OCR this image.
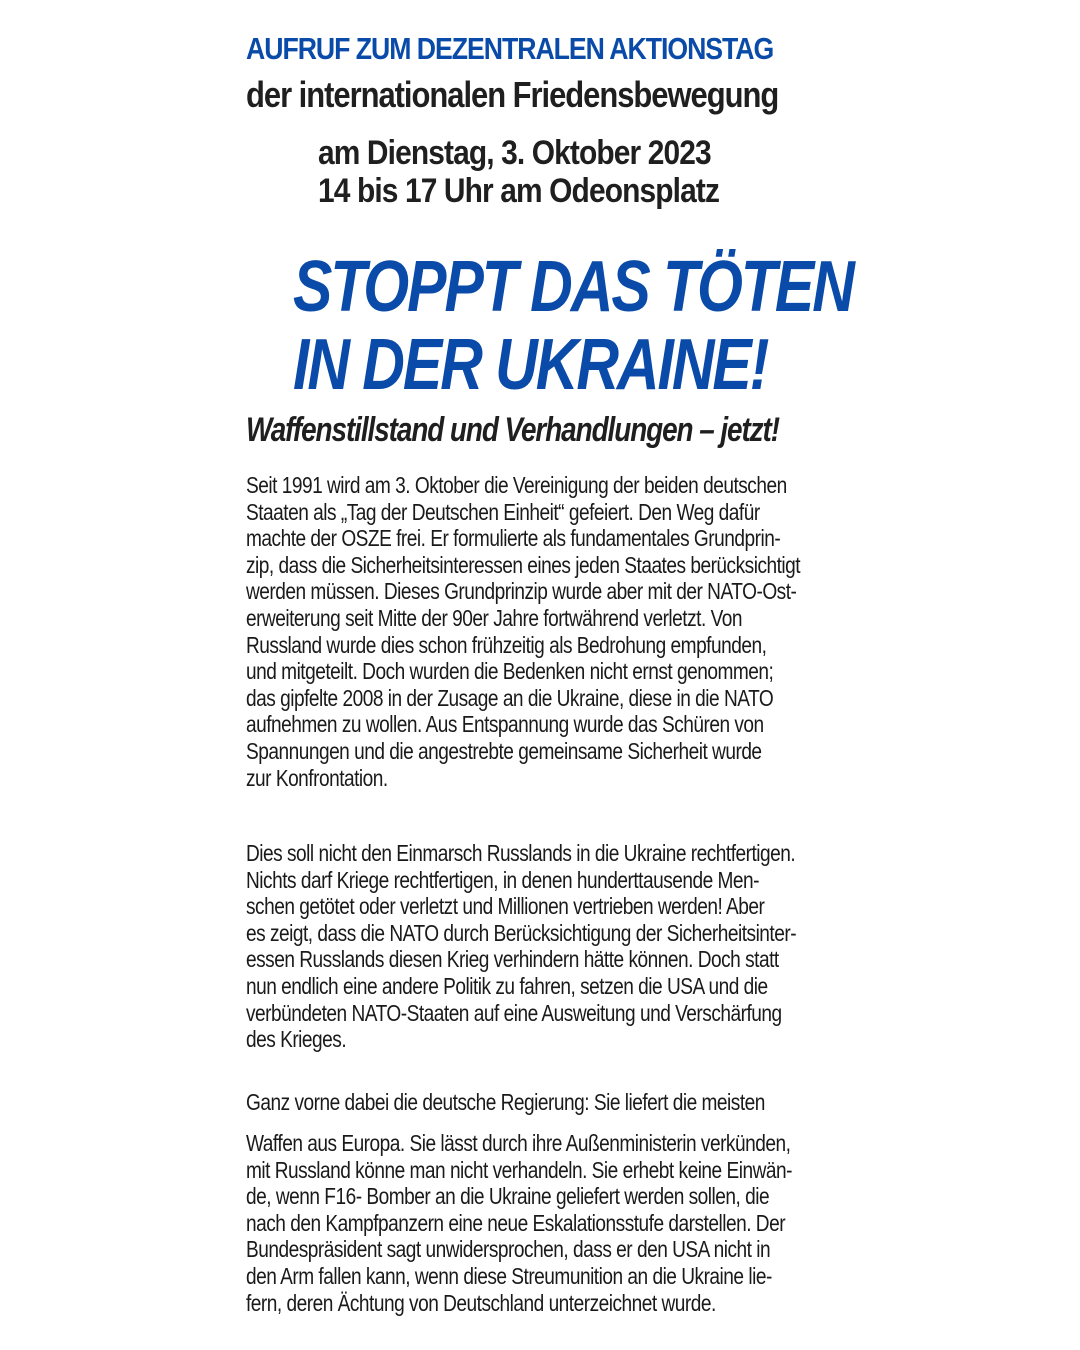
AUFRUF ZUM DEZENTRALEN AKTIONSTAG
der internationalen Friedensbewegung
am Dienstag, 3. Oktober 2023
14 bis 17 Uhr am Odeonsplatz
STOPPT DAS TÖTEN
IN DER UKRAINE!
Waffenstillstand und Verhandlungen – jetzt!
Seit 1991 wird am 3. Oktober die Vereinigung der beiden deutschen
Staaten als „Tag der Deutschen Einheit“ gefeiert. Den Weg dafür
machte der OSZE frei. Er formulierte als fundamentales Grundprin-
zip, dass die Sicherheitsinteressen eines jeden Staates berücksichtigt
werden müssen. Dieses Grundprinzip wurde aber mit der NATO-Ost-
erweiterung seit Mitte der 90er Jahre fortwährend verletzt. Von
Russland wurde dies schon frühzeitig als Bedrohung empfunden,
und mitgeteilt. Doch wurden die Bedenken nicht ernst genommen;
das gipfelte 2008 in der Zusage an die Ukraine, diese in die NATO
aufnehmen zu wollen. Aus Entspannung wurde das Schüren von
Spannungen und die angestrebte gemeinsame Sicherheit wurde
zur Konfrontation.
Dies soll nicht den Einmarsch Russlands in die Ukraine rechtfertigen.
Nichts darf Kriege rechtfertigen, in denen hunderttausende Men-
schen getötet oder verletzt und Millionen vertrieben werden! Aber
es zeigt, dass die NATO durch Berücksichtigung der Sicherheitsinter-
essen Russlands diesen Krieg verhindern hätte können. Doch statt
nun endlich eine andere Politik zu fahren, setzen die USA und die
verbündeten NATO-Staaten auf eine Ausweitung und Verschärfung
des Krieges.
Ganz vorne dabei die deutsche Regierung: Sie liefert die meisten
Waffen aus Europa. Sie lässt durch ihre Außenministerin verkünden,
mit Russland könne man nicht verhandeln. Sie erhebt keine Einwän-
de, wenn F16- Bomber an die Ukraine geliefert werden sollen, die
nach den Kampfpanzern eine neue Eskalationsstufe darstellen. Der
Bundespräsident sagt unwidersprochen, dass er den USA nicht in
den Arm fallen kann, wenn diese Streumunition an die Ukraine lie-
fern, deren Ächtung von Deutschland unterzeichnet wurde.
